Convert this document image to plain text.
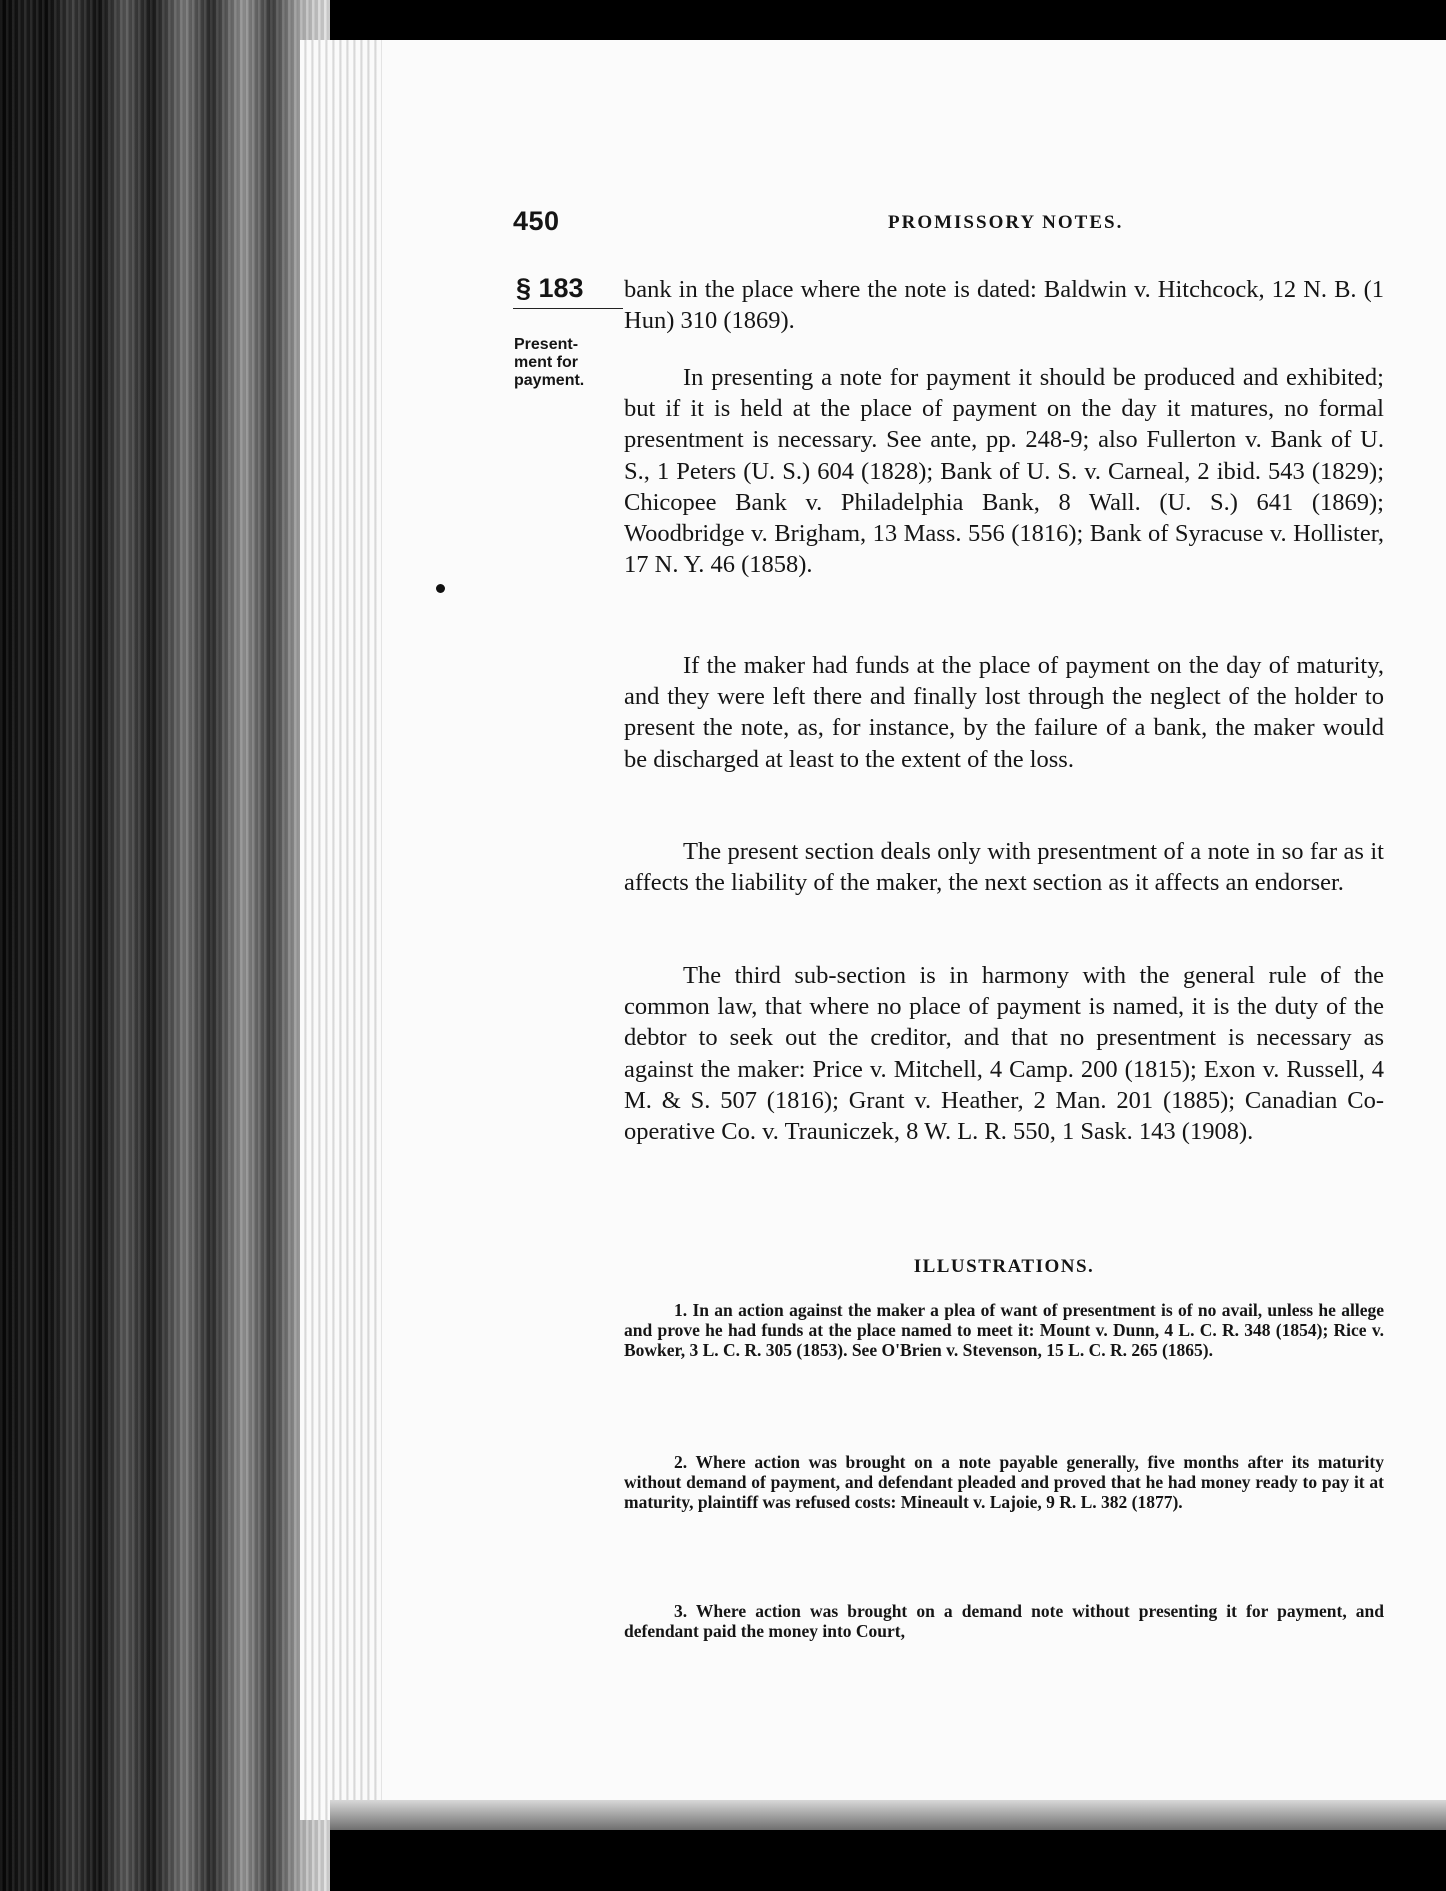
450	PROMISSORY NOTES.
§ 183
Present-ment for payment.

bank in the place where the note is dated: Baldwin v. Hitchcock, 12 N. B. (1 Hun) 310 (1869).

In presenting a note for payment it should be produced and exhibited; but if it is held at the place of payment on the day it matures, no formal presentment is necessary. See ante, pp. 248-9; also Fullerton v. Bank of U. S., 1 Peters (U. S.) 604 (1828); Bank of U. S. v. Carneal, 2 ibid. 543 (1829); Chicopee Bank v. Philadelphia Bank, 8 Wall. (U. S.) 641 (1869); Woodbridge v. Brigham, 13 Mass. 556 (1816); Bank of Syracuse v. Hollister, 17 N. Y. 46 (1858).

If the maker had funds at the place of payment on the day of maturity, and they were left there and finally lost through the neglect of the holder to present the note, as, for instance, by the failure of a bank, the maker would be discharged at least to the extent of the loss.

The present section deals only with presentment of a note in so far as it affects the liability of the maker, the next section as it affects an endorser.

The third sub-section is in harmony with the general rule of the common law, that where no place of payment is named, it is the duty of the debtor to seek out the creditor, and that no presentment is necessary as against the maker: Price v. Mitchell, 4 Camp. 200 (1815); Exon v. Russell, 4 M. & S. 507 (1816); Grant v. Heather, 2 Man. 201 (1885); Canadian Co-operative Co. v. Trauniczek, 8 W. L. R. 550, 1 Sask. 143 (1908).

ILLUSTRATIONS.

1. In an action against the maker a plea of want of presentment is of no avail, unless he allege and prove he had funds at the place named to meet it: Mount v. Dunn, 4 L. C. R. 348 (1854); Rice v. Bowker, 3 L. C. R. 305 (1853). See O'Brien v. Stevenson, 15 L. C. R. 265 (1865).

2. Where action was brought on a note payable generally, five months after its maturity without demand of payment, and defendant pleaded and proved that he had money ready to pay it at maturity, plaintiff was refused costs: Mineault v. Lajoie, 9 R. L. 382 (1877).

3. Where action was brought on a demand note without presenting it for payment, and defendant paid the money into Court,
